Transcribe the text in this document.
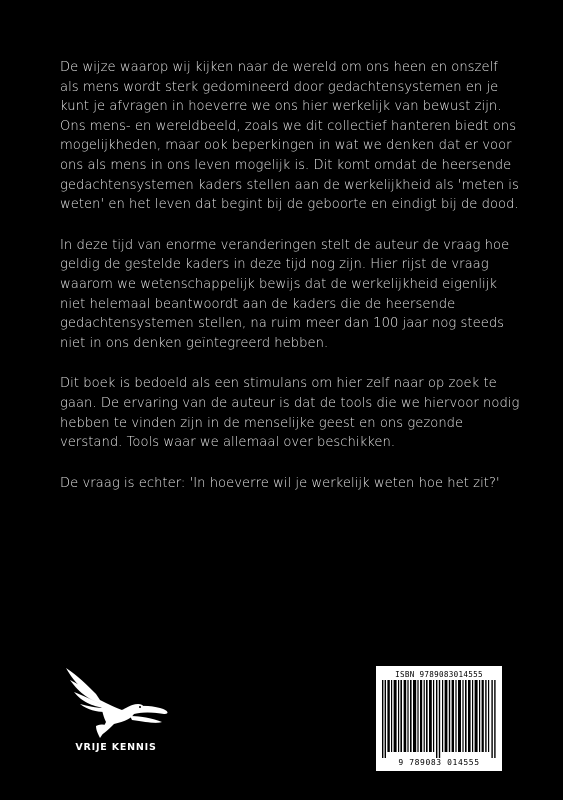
De wijze waarop wij kijken naar de wereld om ons heen en onszelf als mens wordt sterk gedomineerd door gedachtensystemen en je kunt je afvragen in hoeverre we ons hier werkelijk van bewust zijn. Ons mens- en wereldbeeld, zoals we dit collectief hanteren biedt ons mogelijkheden, maar ook beperkingen in wat we denken dat er voor ons als mens in ons leven mogelijk is. Dit komt omdat de heersende gedachtensystemen kaders stellen aan de werkelijkheid als 'meten is weten' en het leven dat begint bij de geboorte en eindigt bij de dood.

In deze tijd van enorme veranderingen stelt de auteur de vraag hoe geldig de gestelde kaders in deze tijd nog zijn. Hier rijst de vraag waarom we wetenschappelijk bewijs dat de werkelijkheid eigenlijk niet helemaal beantwoordt aan de kaders die de heersende gedachtensystemen stellen, na ruim meer dan 100 jaar nog steeds niet in ons denken geïntegreerd hebben.

Dit boek is bedoeld als een stimulans om hier zelf naar op zoek te gaan. De ervaring van de auteur is dat de tools die we hiervoor nodig hebben te vinden zijn in de menselijke geest en ons gezonde verstand. Tools waar we allemaal over beschikken.

De vraag is echter: 'In hoeverre wil je werkelijk weten hoe het zit?'

VRIJE KENNIS
ISBN 9789083014555
9 789083 014555
